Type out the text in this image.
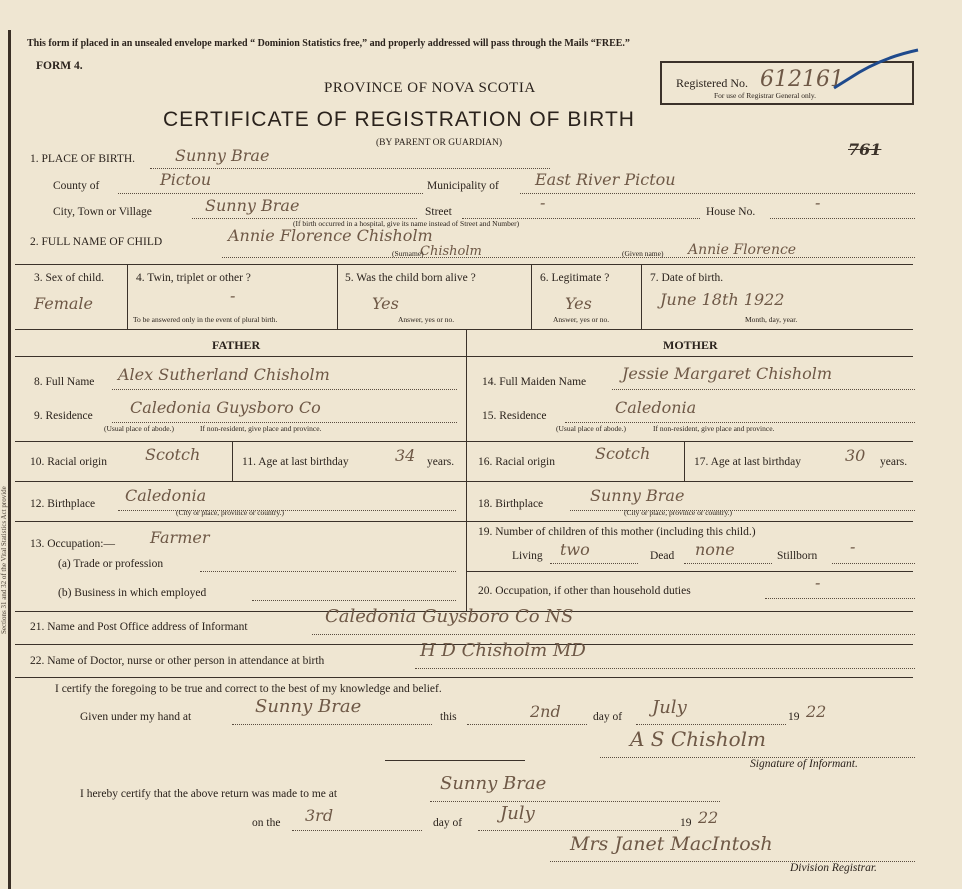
Sections 31 and 32 of the Vital Statistics Act provide
This form if placed in an unsealed envelope marked “ Dominion Statistics free,” and properly addressed will pass through the Mails “FREE.”
FORM 4.
PROVINCE OF NOVA SCOTIA
CERTIFICATE OF REGISTRATION OF BIRTH
(BY PARENT OR GUARDIAN)
Registered No. 612161
For use of Registrar General only.
761
1. PLACE OF BIRTH. Sunny Brae
County of	Pictou	Municipality of East River Pictou
City, Town or Village	Sunny Brae	Street	-
(If birth occurred in a hospital, give its name instead of Street and Number)
House No.	-
2. FULL NAME OF CHILD	Annie Florence Chisholm
Chisholm
(Surname)	(Given name) Annie Florence
3. Sex of child.
Female
4. Twin, triplet or other ?
-
To be answered only in the event of plural birth.
5. Was the child born alive ?
Yes
Answer, yes or no.
6. Legitimate ?
Yes
Answer, yes or no.
7. Date of birth.
June 18th 1922
Month, day, year.
FATHER	MOTHER
8. Full Name Alex Sutherland Chisholm
9. Residence Caledonia Guysboro Co
(Usual place of abode.)	If non-resident, give place and province.
10. Racial origin Scotch	11. Age at last birthday	34 years.
12. Birthplace Caledonia
(City or place, province or country.)
13. Occupation:— Farmer
(a) Trade or profession
(b) Business in which employed
14. Full Maiden Name Jessie Margaret Chisholm
15. Residence	Caledonia
(Usual place of abode.)	If non-resident, give place and province.
16. Racial origin	Scotch	17. Age at last birthday	30 years.
18. Birthplace	Sunny Brae
(City or place, province or country.)
19. Number of children of this mother (including this child.)
Living two	Dead none	Stillborn -
20. Occupation, if other than household duties	-
21. Name and Post Office address of Informant	Caledonia Guysboro Co NS
22. Name of Doctor, nurse or other person in attendance at birth	H D Chisholm MD
I certify the foregoing to be true and correct to the best of my knowledge and belief.
Given under my hand at	Sunny Brae	this	2nd	day of July	19 22
A S Chisholm
Signature of Informant.
I hereby certify that the above return was made to me at	Sunny Brae
on the 3rd	day of July	19 22
Mrs Janet MacIntosh
Division Registrar.
